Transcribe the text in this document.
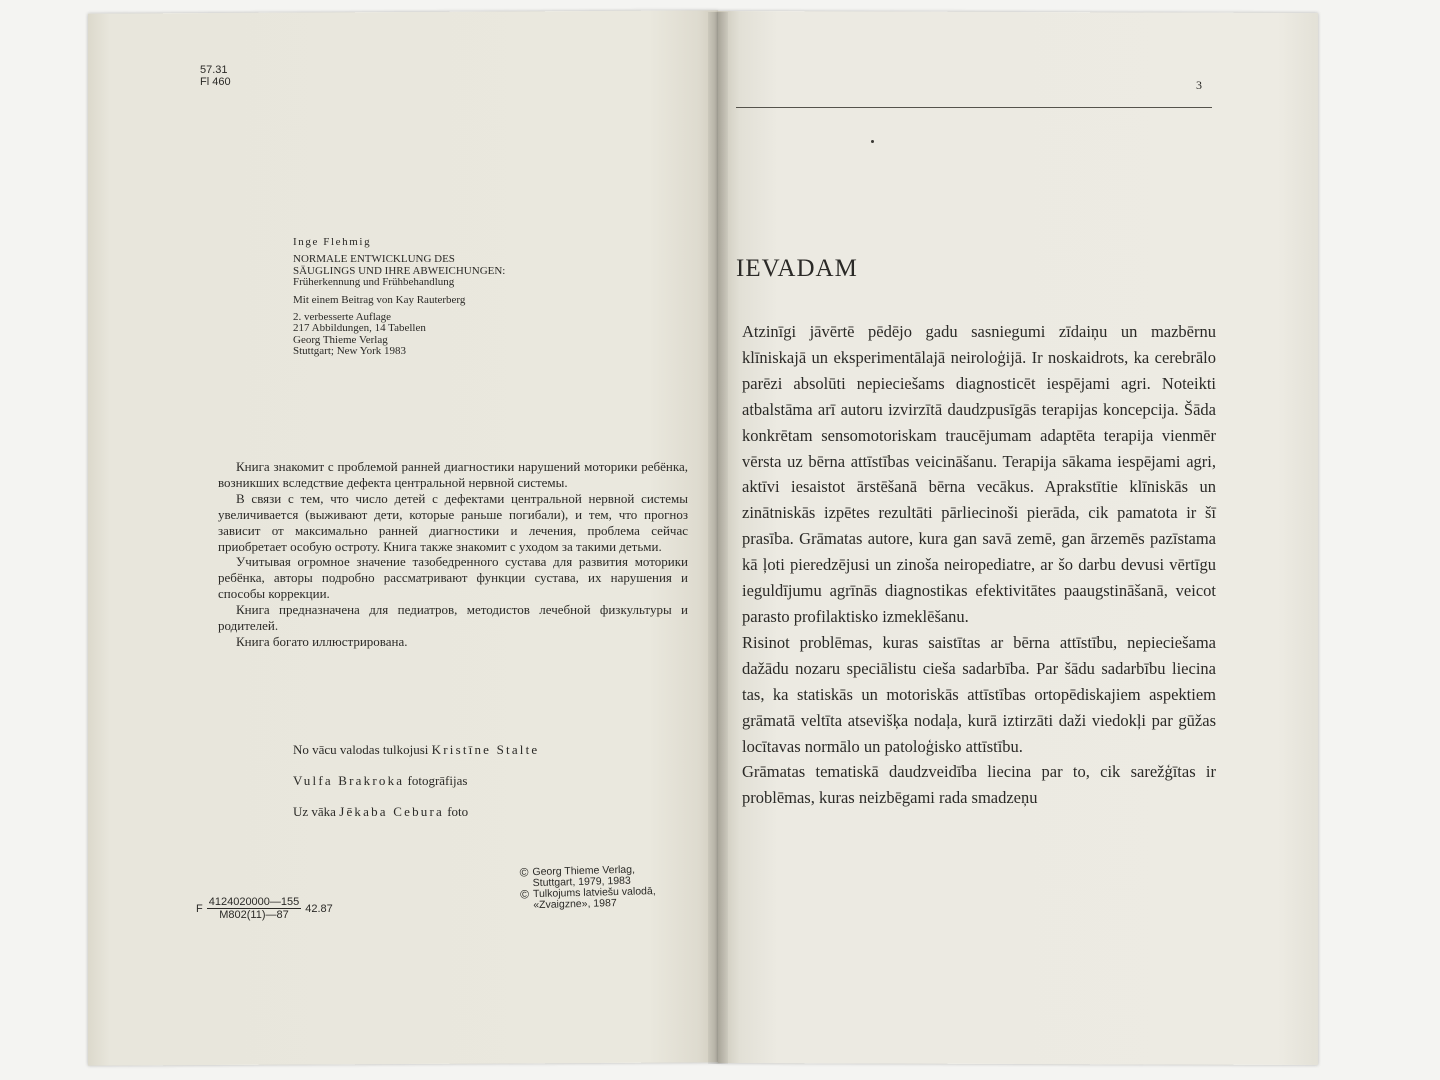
57.31
Fl 460
Inge Flehmig
NORMALE ENTWICKLUNG DES
SÄUGLINGS UND IHRE ABWEICHUNGEN:
Früherkennung und Frühbehandlung
Mit einem Beitrag von Kay Rauterberg
2. verbesserte Auflage
217 Abbildungen, 14 Tabellen
Georg Thieme Verlag
Stuttgart; New York 1983

Книга знакомит с проблемой ранней диагностики нарушений моторики ребёнка, возникших вследствие дефекта центральной нервной системы.

В связи с тем, что число детей с дефектами центральной нервной системы увеличивается (выживают дети, которые раньше погибали), и тем, что прогноз зависит от максимально ранней диагностики и лечения, проблема сейчас приобретает особую остроту. Книга также знакомит с уходом за такими детьми.

Учитывая огромное значение тазобедренного сустава для развития моторики ребёнка, авторы подробно рассматривают функции сустава, их нарушения и способы коррекции.

Книга предназначена для педиатров, методистов лечебной физкультуры и родителей.

Книга богато иллюстрирована.

No vācu valodas tulkojusi Kristīne Stalte
Vulfa Brakroka fotogrāfijas
Uz vāka Jēkaba Cebura foto
© Georg Thieme Verlag,
Stuttgart, 1979, 1983
© Tulkojums latviešu valodā,
«Zvaigzne», 1987
F $\frac{4124020000—155}{M802(11)—87} 42.87$
3
IEVADAM

Atzinīgi jāvērtē pēdējo gadu sasniegumi zīdaiņu un mazbērnu klīniskajā un eksperimentālajā neiroloģijā. Ir noskaidrots, ka cerebrālo parēzi absolūti nepieciešams diagnosticēt iespējami agri. Noteikti atbalstāma arī autoru izvirzītā daudzpusīgās terapijas koncepcija. Šāda konkrētam sensomotoriskam traucējumam adaptēta terapija vienmēr vērsta uz bērna attīstības veicināšanu. Terapija sākama iespējami agri, aktīvi iesaistot ārstēšanā bērna vecākus. Aprakstītie klīniskās un zinātniskās izpētes rezultāti pārliecinoši pierāda, cik pamatota ir šī prasība. Grāmatas autore, kura gan savā zemē, gan ārzemēs pazīstama kā ļoti pieredzējusi un zinoša neiropediatre, ar šo darbu devusi vērtīgu ieguldījumu agrīnās diagnostikas efektivitātes paaugstināšanā, veicot parasto profilaktisko izmeklēšanu.

Risinot problēmas, kuras saistītas ar bērna attīstību, nepieciešama dažādu nozaru speciālistu cieša sadarbība. Par šādu sadarbību liecina tas, ka statiskās un motoriskās attīstības ortopēdiskajiem aspektiem grāmatā veltīta atsevišķa nodaļa, kurā iztirzāti daži viedokļi par gūžas locītavas normālo un patoloģisko attīstību.

Grāmatas tematiskā daudzveidība liecina par to, cik sarežģītas ir problēmas, kuras neizbēgami rada smadzeņu
